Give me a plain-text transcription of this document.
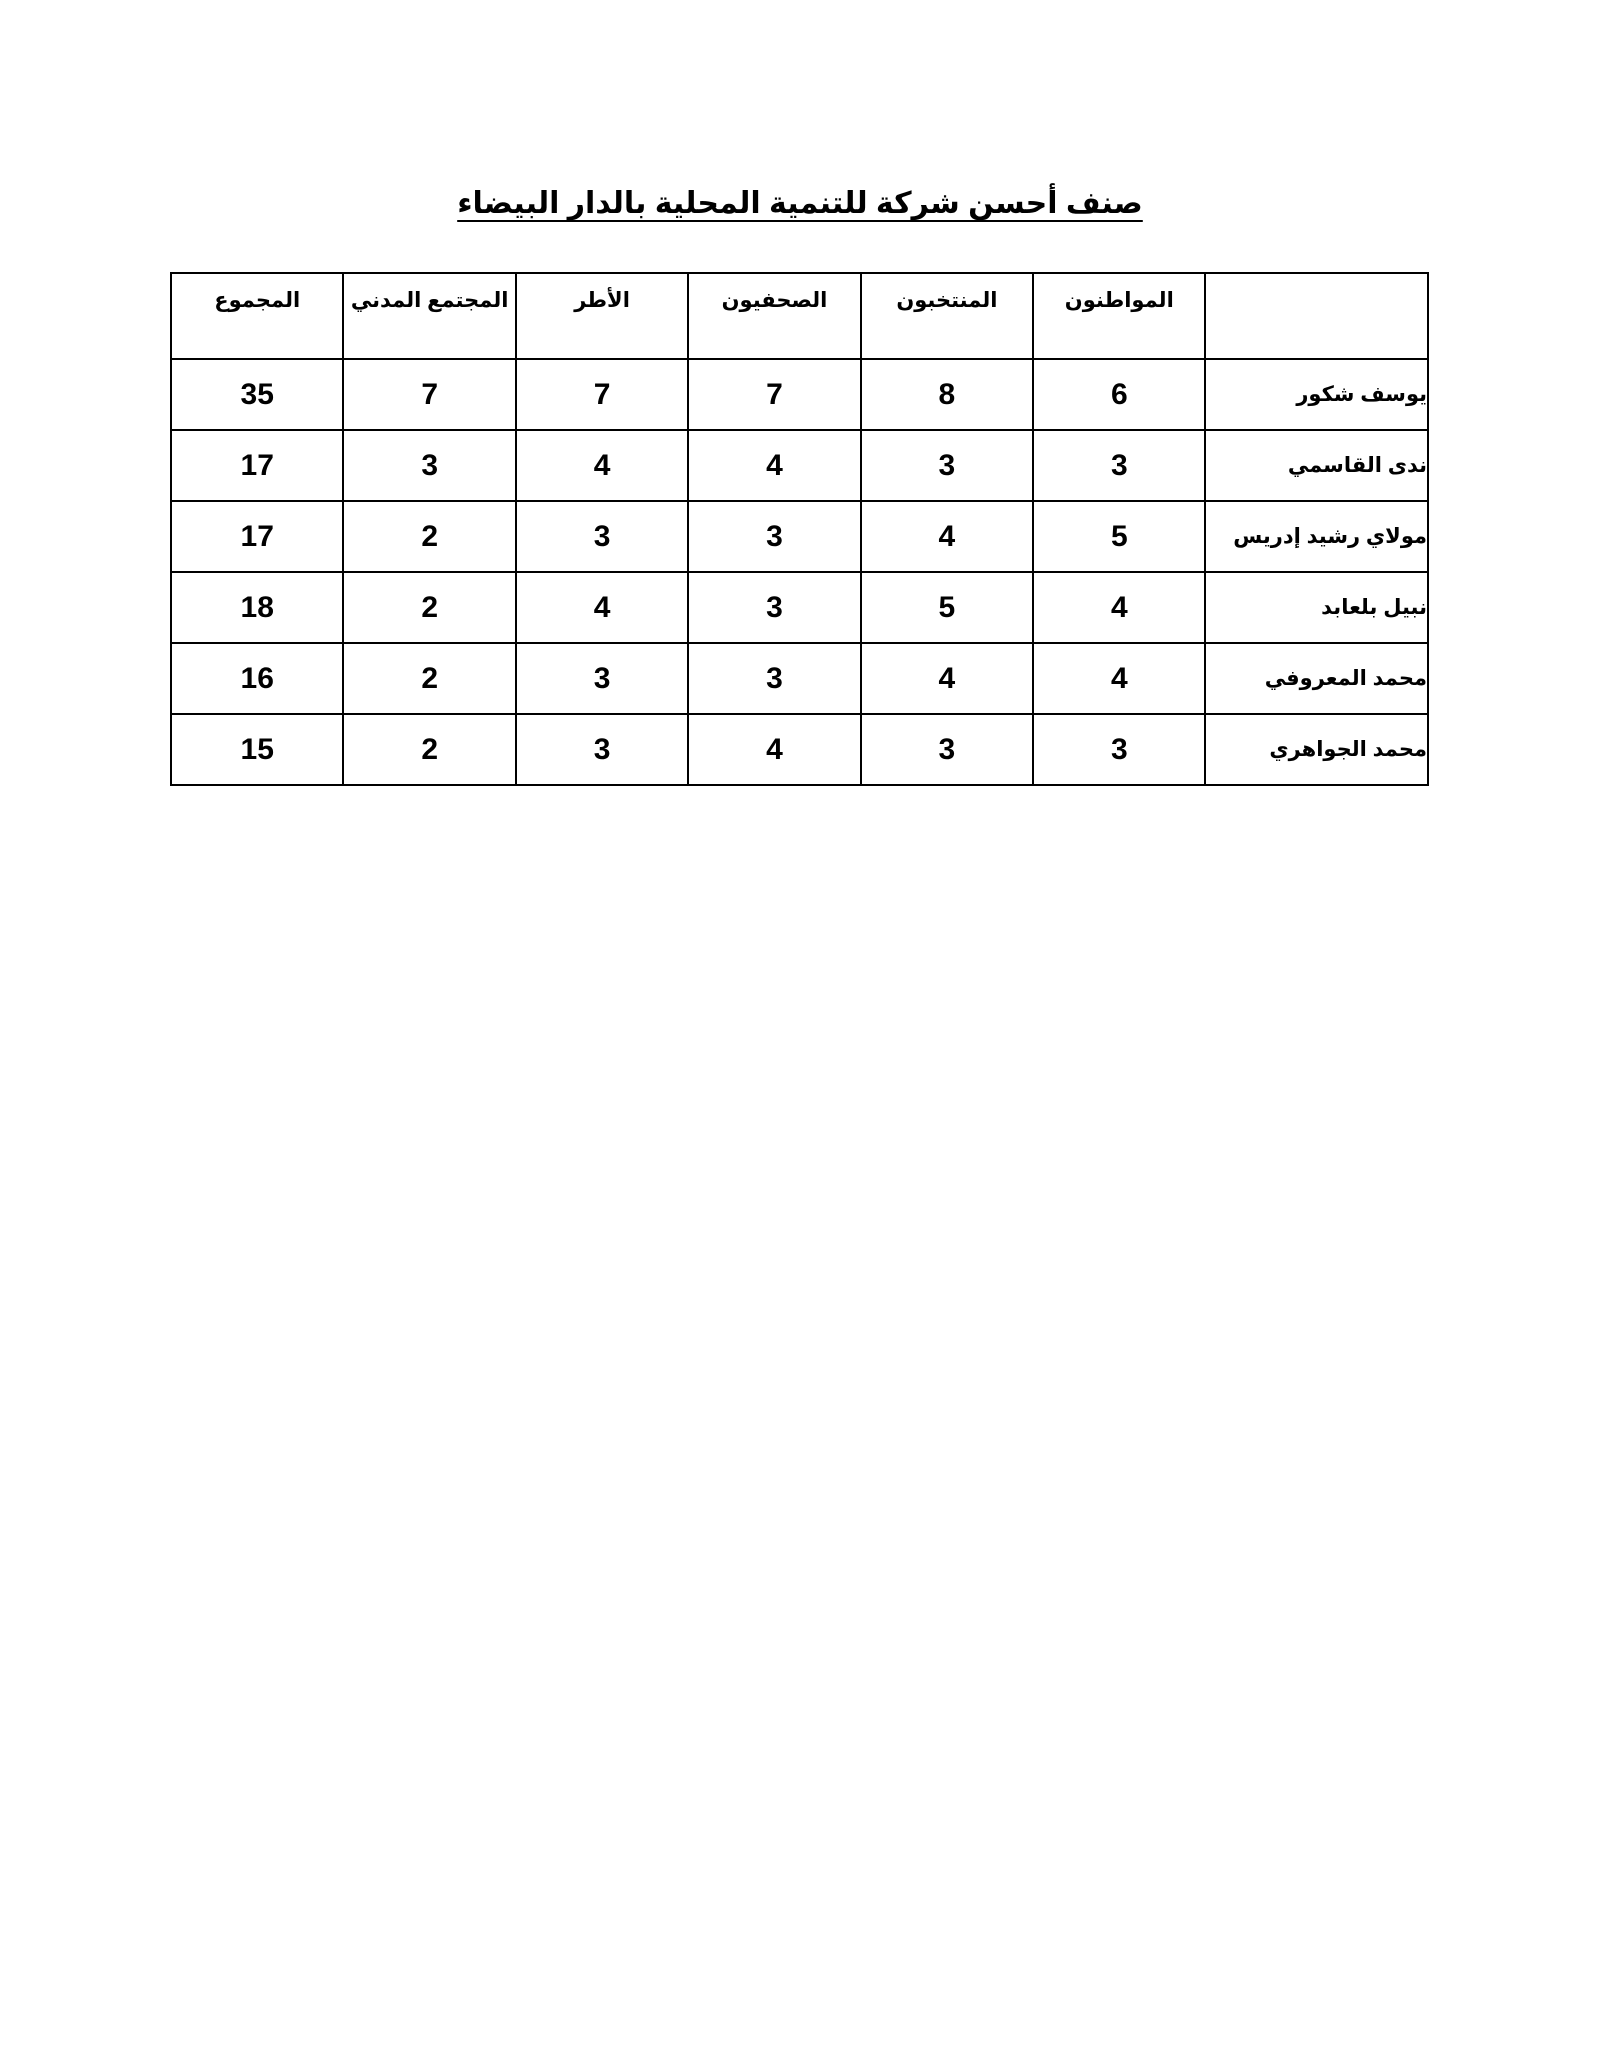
صنف أحسن شركة للتنمية المحلية بالدار البيضاء
	المواطنون	المنتخبون	الصحفيون	الأطر	المجتمع المدني	المجموع
يوسف شكور	6	8	7	7	7	35
ندى القاسمي	3	3	4	4	3	17
مولاي رشيد إدريس	5	4	3	3	2	17
نبيل بلعابد	4	5	3	4	2	18
محمد المعروفي	4	4	3	3	2	16
محمد الجواهري	3	3	4	3	2	15
